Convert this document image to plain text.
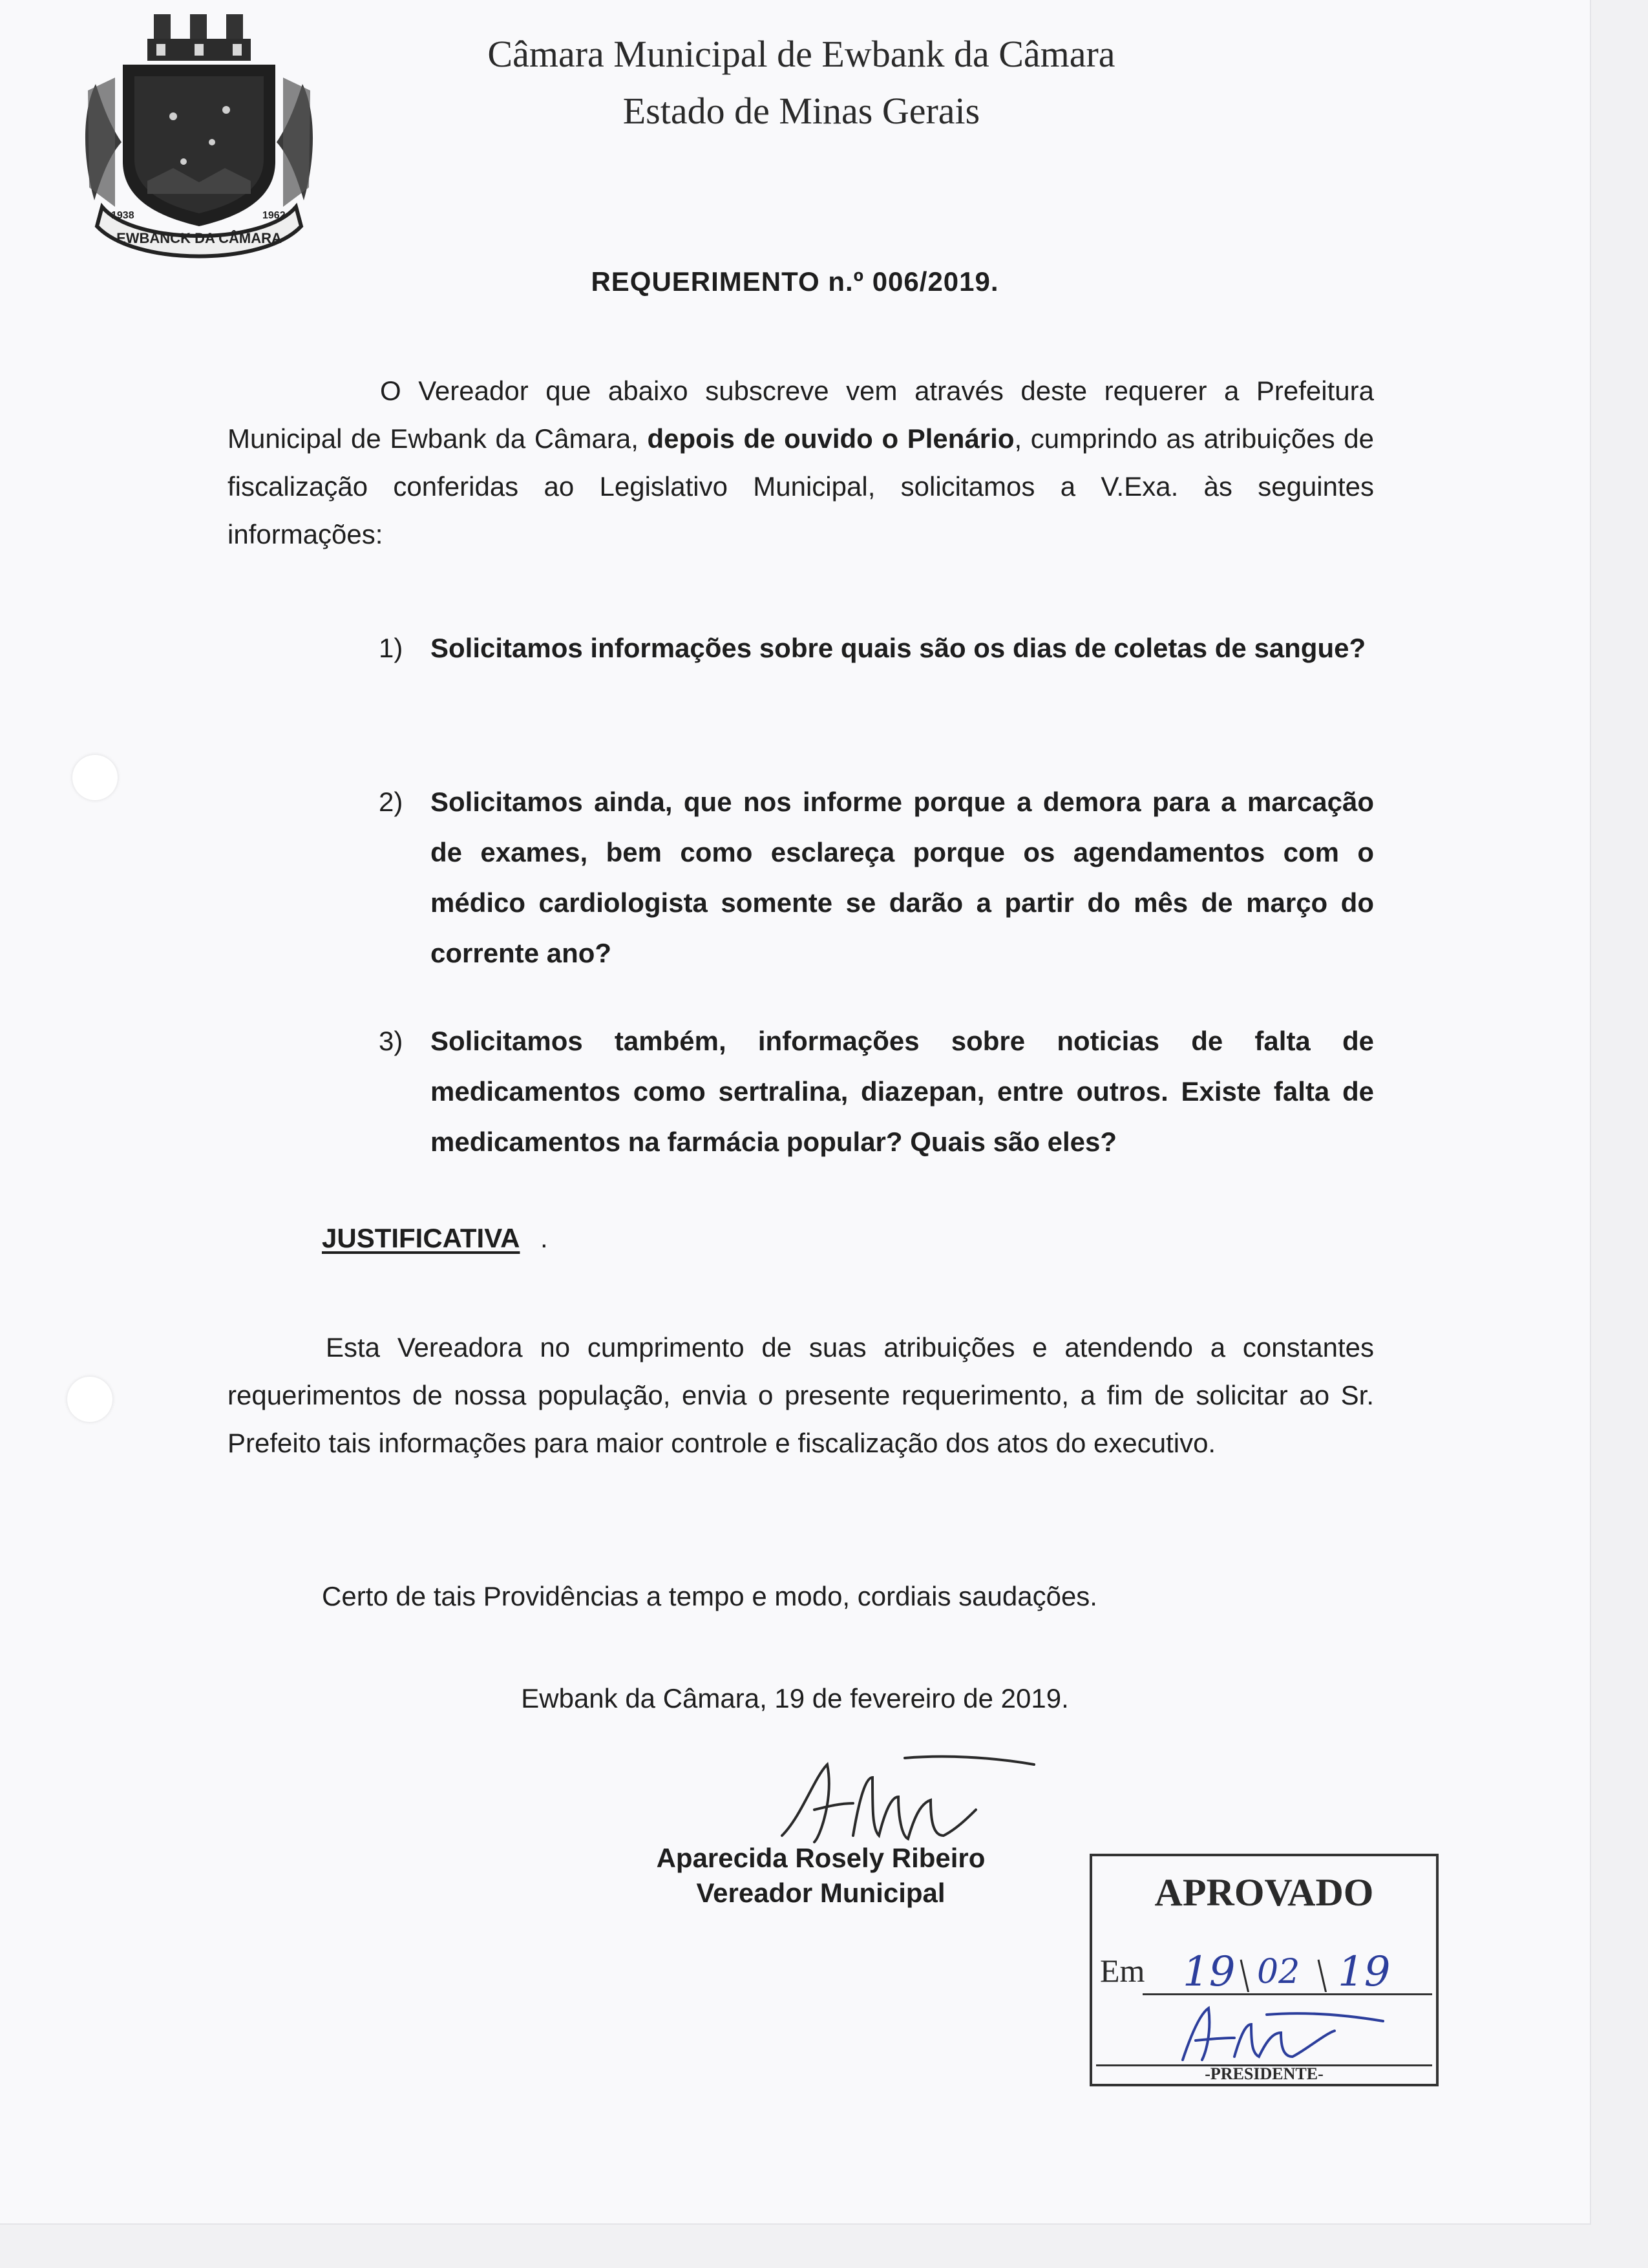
EWBANCK DA CÂMARA
1938	1962
Câmara Municipal de Ewbank da Câmara
Estado de Minas Gerais
REQUERIMENTO n.º 006/2019.

O Vereador que abaixo subscreve vem através deste requerer a Prefeitura Municipal de Ewbank da Câmara, depois de ouvido o Plenário, cumprindo as atribuições de fiscalização conferidas ao Legislativo Municipal, solicitamos a V.Exa. às seguintes informações:

1) Solicitamos informações sobre quais são os dias de coletas de sangue?
2) Solicitamos ainda, que nos informe porque a demora para a marcação de exames, bem como esclareça porque os agendamentos com o médico cardiologista somente se darão a partir do mês de março do corrente ano?
3) Solicitamos também, informações sobre noticias de falta de medicamentos como sertralina, diazepan, entre outros. Existe falta de medicamentos na farmácia popular? Quais são eles?
JUSTIFICATIVA .

Esta Vereadora no cumprimento de suas atribuições e atendendo a constantes requerimentos de nossa população, envia o presente requerimento, a fim de solicitar ao Sr. Prefeito tais informações para maior controle e fiscalização dos atos do executivo.

Certo de tais Providências a tempo e modo, cordiais saudações.
Ewbank da Câmara, 19 de fevereiro de 2019.
Aparecida Rosely Ribeiro
Vereador Municipal	APROVADO
Em 19 02 19
-PRESIDENTE-
